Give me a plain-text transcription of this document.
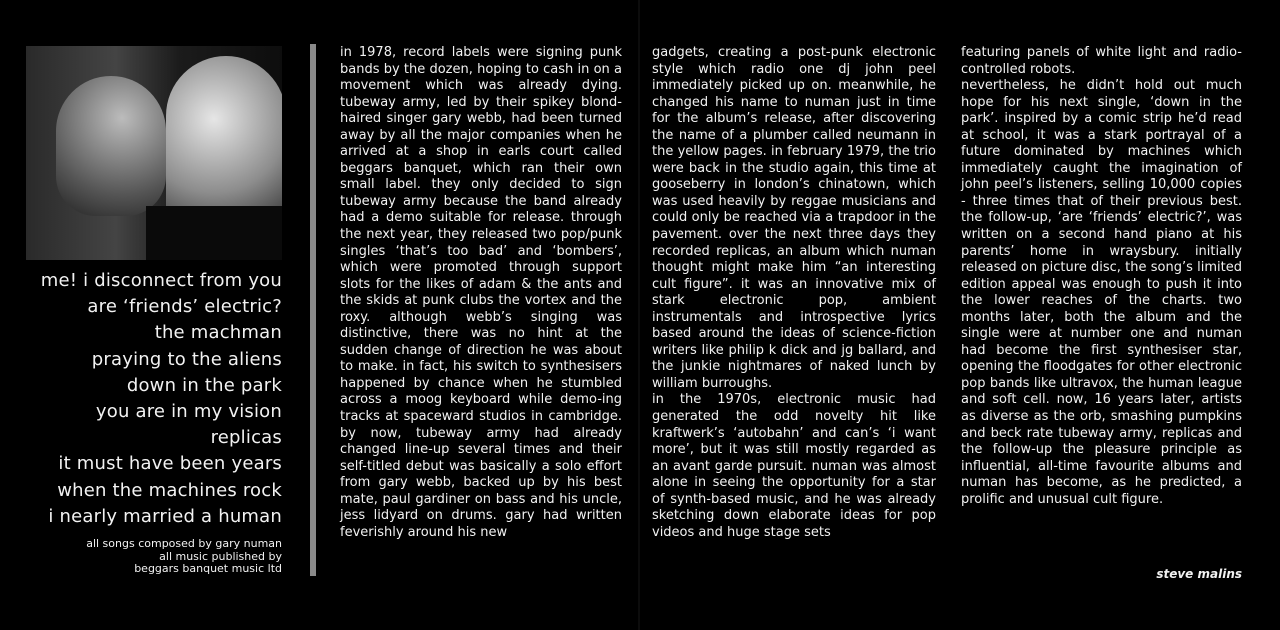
me! i disconnect from you
are ‘friends’ electric?
the machman
praying to the aliens
down in the park
you are in my vision
replicas
it must have been years
when the machines rock
i nearly married a human
all songs composed by gary numan
all music published by
beggars banquet music ltd

in 1978, record labels were signing punk bands by the dozen, hoping to cash in on a movement which was already dying. tubeway army, led by their spikey blond-haired singer gary webb, had been turned away by all the major companies when he arrived at a shop in earls court called beggars banquet, which ran their own small label. they only decided to sign tubeway army because the band already had a demo suitable for release. through the next year, they released two pop/punk singles ‘that’s too bad’ and ‘bombers’, which were promoted through support slots for the likes of adam & the ants and the skids at punk clubs the vortex and the roxy. although webb’s singing was distinctive, there was no hint at the sudden change of direction he was about to make. in fact, his switch to synthesisers happened by chance when he stumbled across a moog keyboard while demo-ing tracks at spaceward studios in cambridge. by now, tubeway army had already changed line-up several times and their self-titled debut was basically a solo effort from gary webb, backed up by his best mate, paul gardiner on bass and his uncle, jess lidyard on drums. gary had written feverishly around his new

gadgets, creating a post-punk electronic style which radio one dj john peel immediately picked up on. meanwhile, he changed his name to numan just in time for the album’s release, after discovering the name of a plumber called neumann in the yellow pages. in february 1979, the trio were back in the studio again, this time at gooseberry in london’s chinatown, which was used heavily by reggae musicians and could only be reached via a trapdoor in the pavement. over the next three days they recorded replicas, an album which numan thought might make him “an interesting cult figure”. it was an innovative mix of stark electronic pop, ambient instrumentals and introspective lyrics based around the ideas of science-fiction writers like philip k dick and jg ballard, and the junkie nightmares of naked lunch by william burroughs.

in the 1970s, electronic music had generated the odd novelty hit like kraftwerk’s ‘autobahn’ and can’s ‘i want more’, but it was still mostly regarded as an avant garde pursuit. numan was almost alone in seeing the opportunity for a star of synth-based music, and he was already sketching down elaborate ideas for pop videos and huge stage sets

featuring panels of white light and radio-controlled robots.

nevertheless, he didn’t hold out much hope for his next single, ‘down in the park’. inspired by a comic strip he’d read at school, it was a stark portrayal of a future dominated by machines which immediately caught the imagination of john peel’s listeners, selling 10,000 copies - three times that of their previous best. the follow-up, ‘are ‘friends’ electric?’, was written on a second hand piano at his parents’ home in wraysbury. initially released on picture disc, the song’s limited edition appeal was enough to push it into the lower reaches of the charts. two months later, both the album and the single were at number one and numan had become the first synthesiser star, opening the floodgates for other electronic pop bands like ultravox, the human league and soft cell. now, 16 years later, artists as diverse as the orb, smashing pumpkins and beck rate tubeway army, replicas and the follow-up the pleasure principle as influential, all-time favourite albums and numan has become, as he predicted, a prolific and unusual cult figure.

steve malins
